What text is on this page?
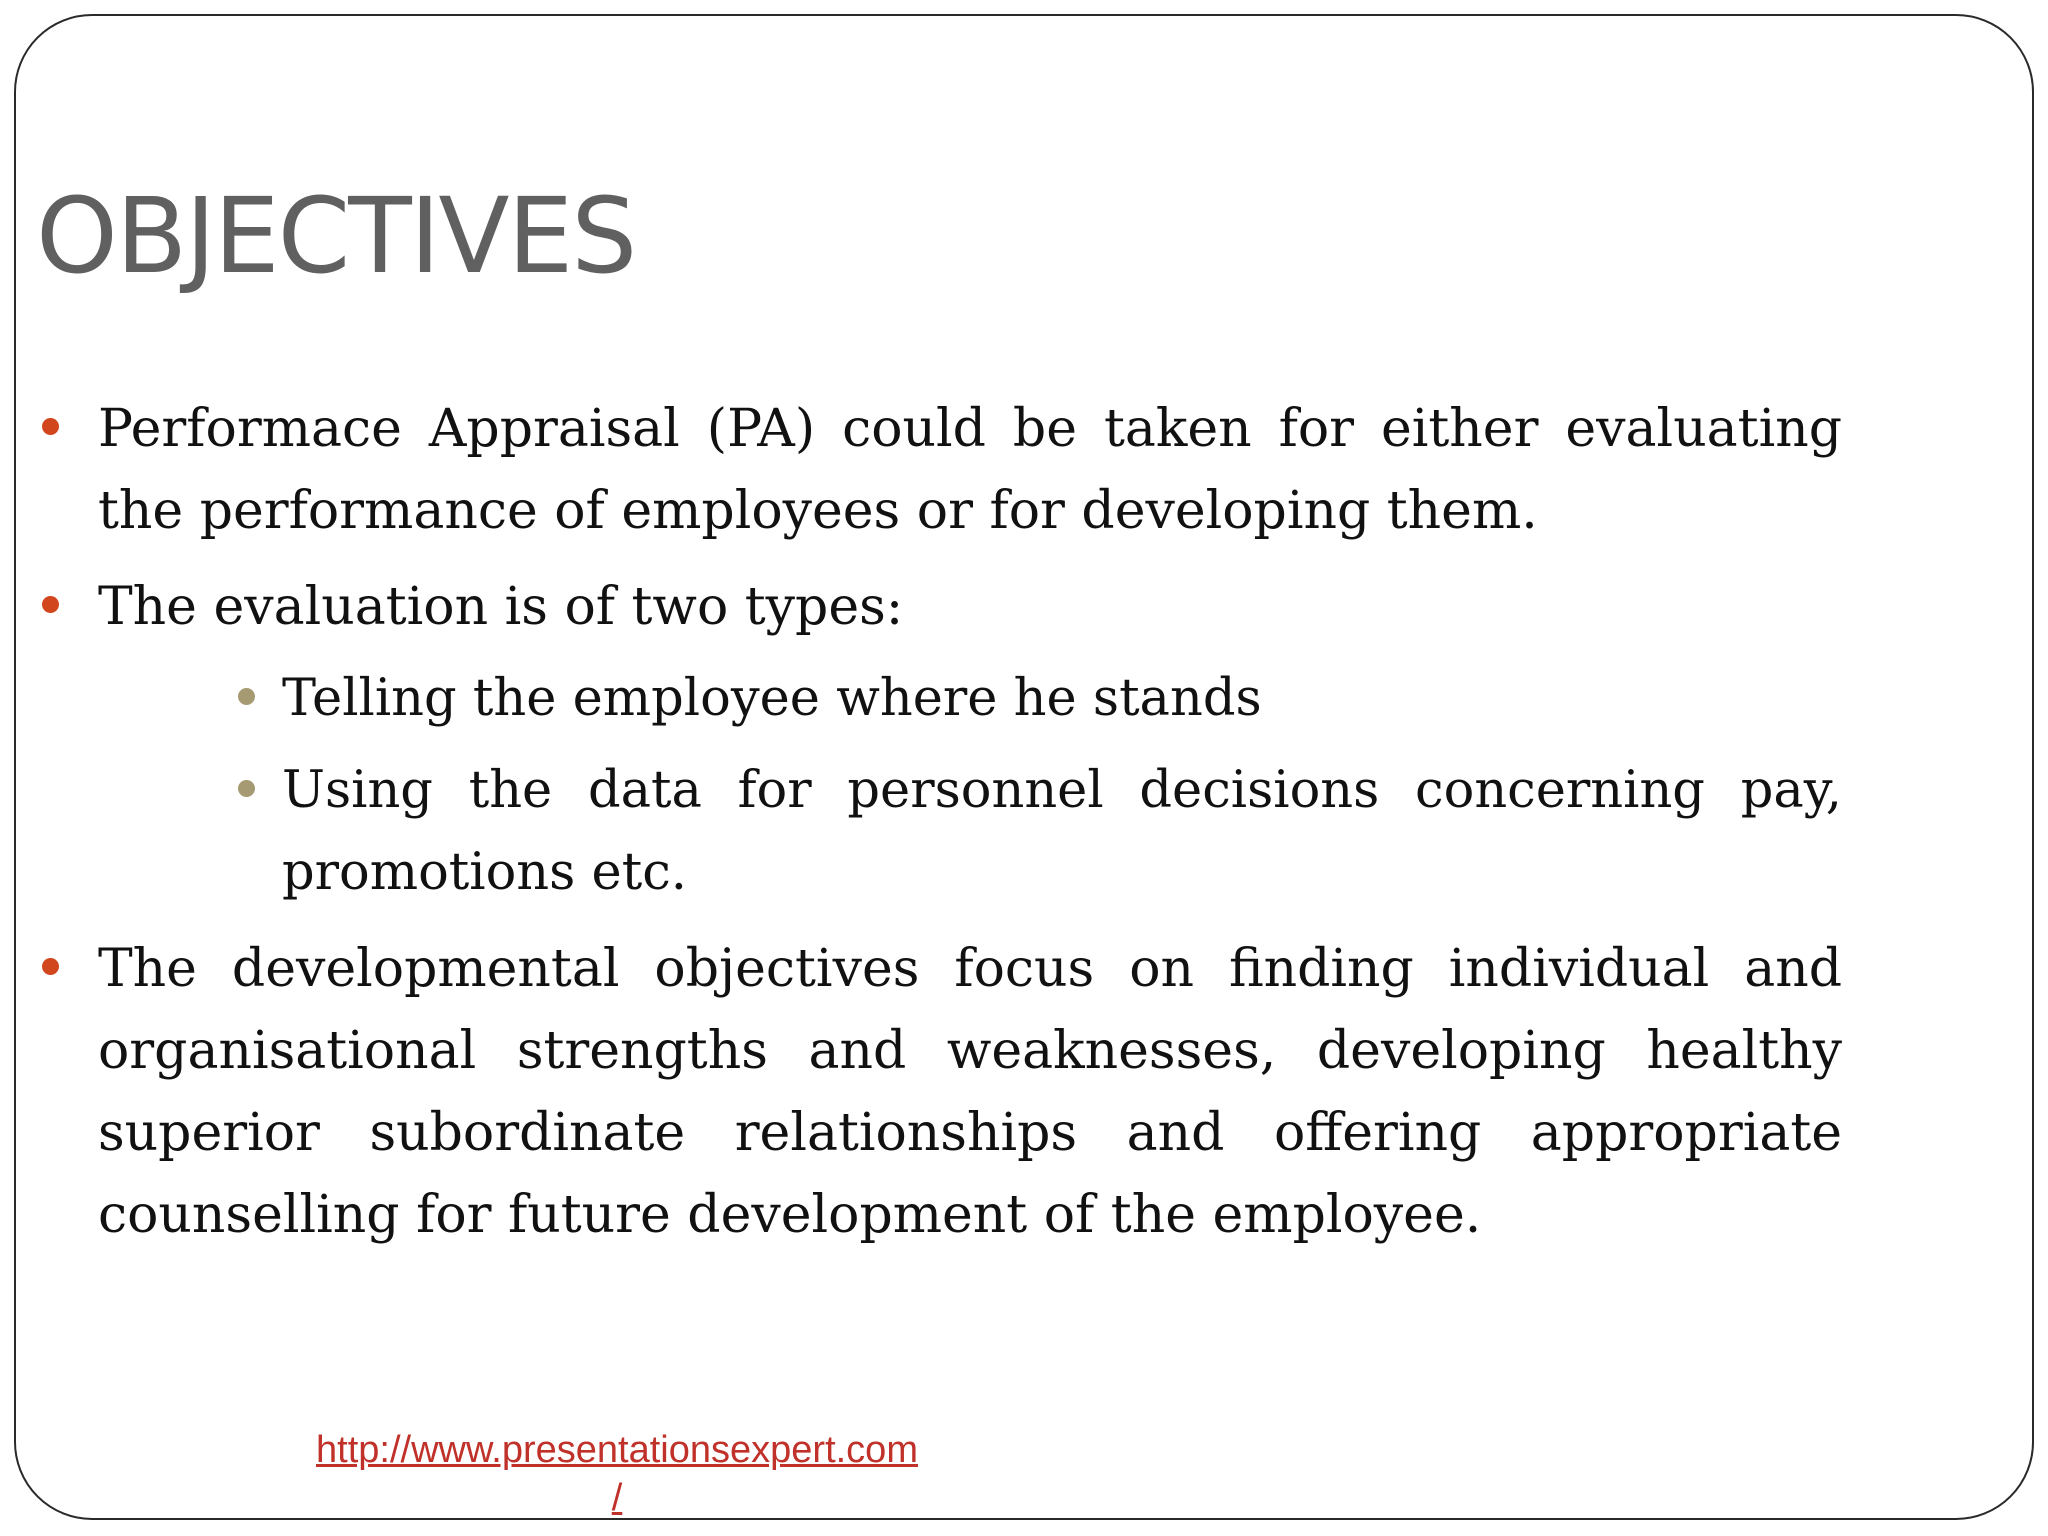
OBJECTIVES

Performace Appraisal (PA) could be taken for either evaluating the performance of employees or for developing them.

The evaluation is of two types:

Telling the employee where he stands

Using the data for personnel decisions concerning pay, promotions etc.

The developmental objectives focus on finding individual and organisational strengths and weaknesses, developing healthy superior subordinate relationships and offering appropriate counselling for future development of the employee.

http://www.presentationsexpert.com
/
